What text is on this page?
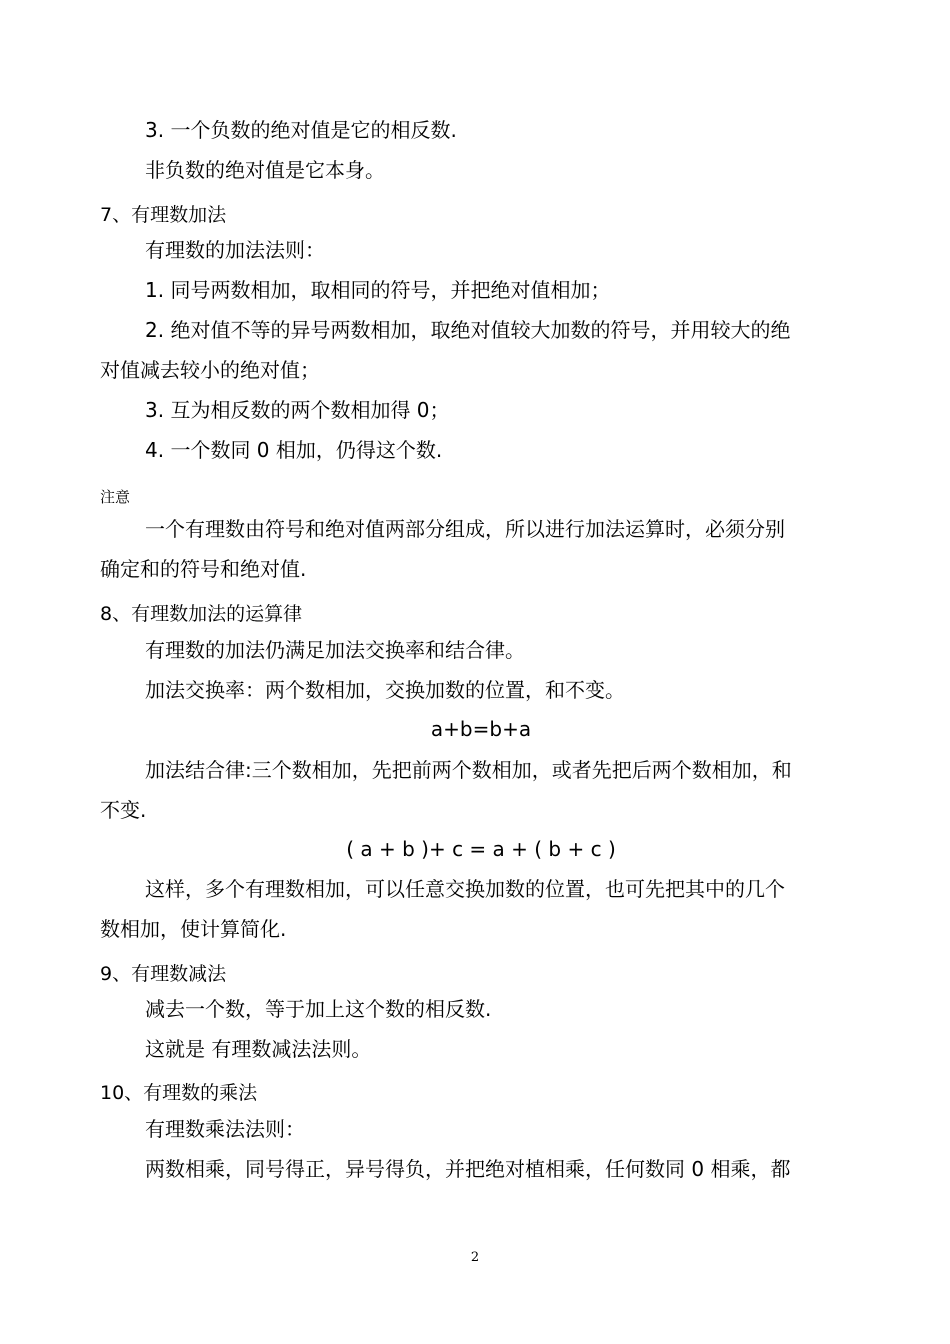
3. 一个负数的绝对值是它的相反数.
非负数的绝对值是它本身。
7、有理数加法
有理数的加法法则：
1. 同号两数相加，取相同的符号，并把绝对值相加；
2. 绝对值不等的异号两数相加，取绝对值较大加数的符号，并用较大的绝
对值减去较小的绝对值；
3. 互为相反数的两个数相加得 0；
4. 一个数同 0 相加，仍得这个数.
注意
一个有理数由符号和绝对值两部分组成，所以进行加法运算时，必须分别
确定和的符号和绝对值.
8、有理数加法的运算律
有理数的加法仍满足加法交换率和结合律。
加法交换率：两个数相加，交换加数的位置，和不变。
a+b=b+a
加法结合律:三个数相加，先把前两个数相加，或者先把后两个数相加，和
不变.
( a + b )+ c = a + ( b + c )
这样，多个有理数相加，可以任意交换加数的位置，也可先把其中的几个
数相加，使计算简化.
9、有理数减法
减去一个数，等于加上这个数的相反数.
这就是 有理数减法法则。
10、有理数的乘法
有理数乘法法则：
两数相乘，同号得正，异号得负，并把绝对植相乘，任何数同 0 相乘，都
2
